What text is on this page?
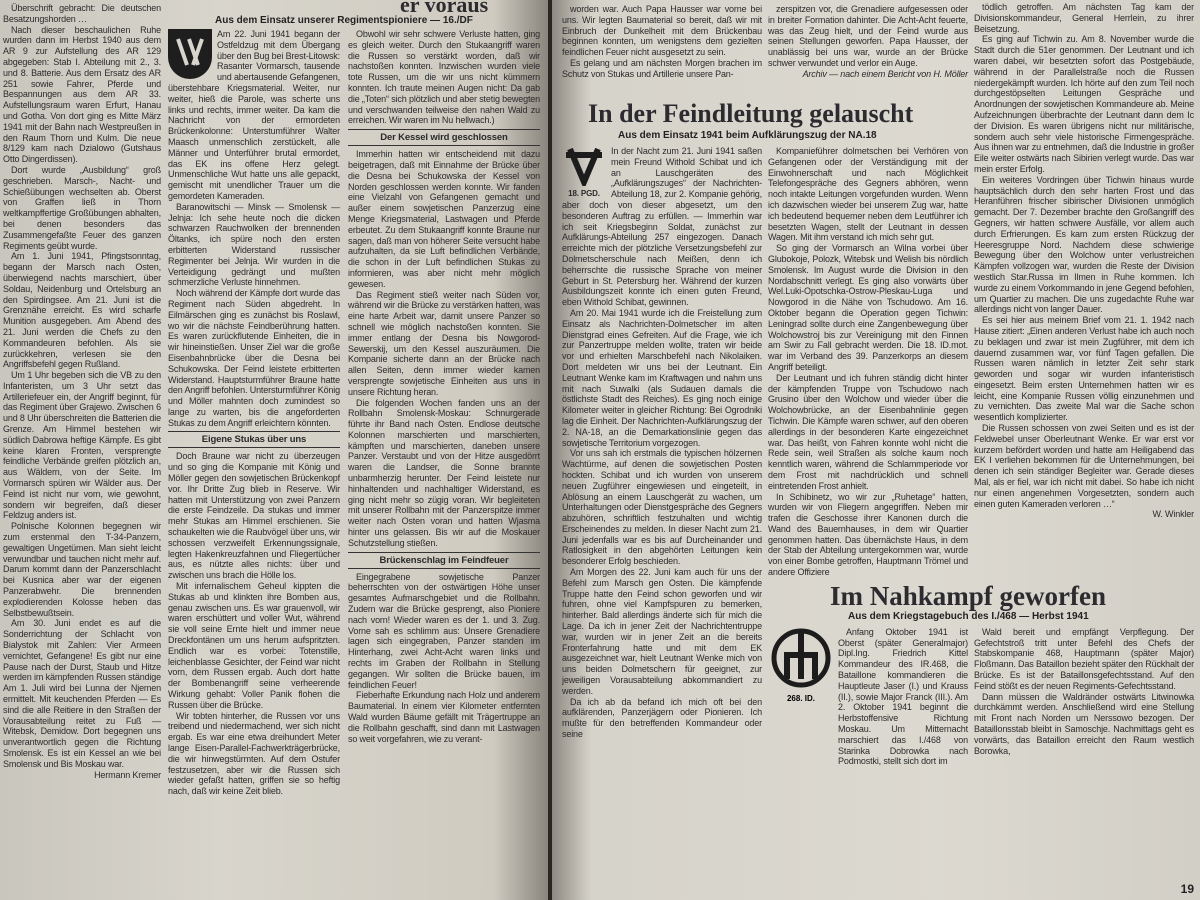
er voraus
Aus dem Einsatz unserer Regimentspioniere — 16./DF

Überschrift gebracht: Die deutschen Besatzungshorden …

Nach dieser beschaulichen Ruhe wurden dann im Herbst 1940 aus dem AR 9 zur Aufstellung des AR 129 abgegeben: Stab I. Abteilung mit 2., 3. und 8. Batterie. Aus dem Ersatz des AR 251 sowie Fahrer, Pferde und Bespannungen aus dem AR 33. Aufstellungsraum waren Erfurt, Hanau und Gotha. Von dort ging es Mitte März 1941 mit der Bahn nach Westpreußen in den Raum Thorn und Kulm. Die neue 8/129 kam nach Dzialowo (Gutshaus Otto Dingerdissen).

Dort wurde „Ausbildung“ groß geschrieben. Marsch-, Nacht- und Schießübungen wechselten ab. Oberst von Graffen ließ in Thorn weltkampffertige Großübungen abhalten, bei denen besonders das Zusammengefaßte Feuer des ganzen Regiments geübt wurde.

Am 1. Juni 1941, Pfingstsonntag, begann der Marsch nach Osten, überwiegend nachts marschiert, über Soldau, Neidenburg und Ortelsburg an den Spirdingsee. Am 21. Juni ist die Grenznähe erreicht. Es wird scharfe Munition ausgegeben. Am Abend des 21. Juni werden die Chefs zu den Kommandeuren befohlen. Als sie zurückkehren, verlesen sie den Angriffsbefehl gegen Rußland.

Um 1 Uhr begeben sich die VB zu den Infanteristen, um 3 Uhr setzt das Artilleriefeuer ein, der Angriff beginnt, für das Regiment über Grajewo. Zwischen 6 und 8 Uhr überschreiten die Batterien die Grenze. Am Himmel bestehen wir südlich Dabrowa heftige Kämpfe. Es gibt keine klaren Fronten, versprengte feindliche Verbände greifen plötzlich an, aus Wäldern, von der Seite. Im Vormarsch spüren wir Wälder aus. Der Feind ist nicht nur vorn, wie gewohnt, sondern wir begreifen, daß dieser Feldzug anders ist.

Polnische Kolonnen begegnen wir zum erstenmal den T-34-Panzern, gewaltigen Ungetümen. Man sieht leicht verwundbar und tauchen nicht mehr auf. Darum kommt dann der Panzerschlacht bei Kusnica aber war der eigenen Panzerabwehr. Die brennenden explodierenden Kolosse heben das Selbstbewußtsein.

Am 30. Juni endet es auf die Sonderrichtung der Schlacht von Bialystok mit Zahlen: Vier Armeen vernichtet, Gefangene! Es gibt nur eine Pause nach der Durst, Staub und Hitze werden im kämpfenden Russen ständige Am 1. Juli wird bei Lunna der Njemen ermittelt. Mit keuchenden Pferden — Es sind die alle Reitiere in den Straßen der Vorausabteilung reitet zu Fuß — Witebsk, Demidow. Dort begegnen uns unverantwortlich gegen die Richtung Smolensk. Es ist ein Kessel an wie bei Smolensk und Bis Moskau war.

Hermann Kremer

Am 22. Juni 1941 begann der Ostfeldzug mit dem Übergang über den Bug bei Brest-Litowsk: Rasanter Vormarsch, tausende und abertausende Gefangenen, überstehbare Kriegsmaterial. Weiter, nur weiter, hieß die Parole, was scherte uns links und rechts, immer weiter. Da kam die Nachricht von der ermordeten Brückenkolonne: Unterstumführer Walter Maasch unmenschlich zerstückelt, alle Männer und Unterführer brutal ermordet, das EK ins offene Herz gelegt. Unmenschliche Wut hatte uns alle gepackt, gemischt mit unendlicher Trauer um die gemordeten Kameraden.

Baranowitschi — Minsk — Smolensk — Jelnja: Ich sehe heute noch die dicken schwarzen Rauchwolken der brennenden Öltanks, ich spüre noch den ersten erbitterten Widerstand russischer Regimenter bei Jelnja. Wir wurden in die Verteidigung gedrängt und mußten schmerzliche Verluste hinnehmen.

Noch während der Kämpfe dort wurde das Regiment nach Süden abgedreht. In Eilmärschen ging es zunächst bis Roslawl, wo wir die nächste Feindberührung hatten. Es waren zurückflutende Einheiten, die in wir hineinstießen. Unser Ziel war die große Eisenbahnbrücke über die Desna bei Schukowska. Der Feind leistete erbitterten Widerstand. Hauptsturmführer Braune hatte den Angriff befohlen. Untersturmführer König und Möller mahnten doch zumindest so lange zu warten, bis die angeforderten Stukas zu dem Angriff erleichtern könnten.

Eigene Stukas über uns

Doch Braune war nicht zu überzeugen und so ging die Kompanie mit König und Möller gegen den sowjetischen Brückenkopf vor. Ihr Dritte Zug blieb in Reserve. Wir hatten mit Unterstützung von zwei Panzern die erste Feindzeile. Da stukas und immer mehr Stukas am Himmel erschienen. Sie schaukelten wie die Raubvögel über uns, wir schossen verzweifelt Erkennungssignale, legten Hakenkreuzfahnen und Fliegertücher aus, es nützte alles nichts: über und zwischen uns brach die Hölle los.

Mit infernalischem Geheul kippten die Stukas ab und klinkten ihre Bomben aus, genau zwischen uns. Es war grauenvoll, wir waren erschüttert und voller Wut, während sie voll seine Ernte hielt und immer neue Dreckfontänen um uns herum aufspritzten. Endlich war es vorbei: Totenstille, leichenblasse Gesichter, der Feind war nicht vorn, dem Russen ergab. Auch dort hatte der Bombenangriff seine verheerende Wirkung gehabt: Voller Panik flohen die Russen über die Brücke.

Wir tobten hinterher, die Russen vor uns treibend und niedermachend, wer sich nicht ergab. Es war eine etwa dreihundert Meter lange Eisen-Parallel-Fachwerkträgerbrücke, die wir hinwegstürmten. Auf dem Ostufer festzusetzen, aber wir die Russen sich wieder gefaßt hatten, griffen sie so heftig nach, daß wir keine Zeit blieb.

Obwohl wir sehr schwere Verluste hatten, ging es gleich weiter. Durch den Stukaangriff waren die Russen so verstärkt worden, daß wir nachstoßen konnten. Inzwischen wurden viele tote Russen, um die wir uns nicht kümmern konnten. Ich traute meinen Augen nicht: Da gab die „Toten“ sich plötzlich und aber stetig bewegten und verschwanden teilweise den nahen Wald zu erreichen. Wir waren im Nu hellwach.)

Der Kessel wird geschlossen

Immerhin hatten wir entscheidend mit dazu beigetragen, daß mit Einnahme der Brücke über die Desna bei Schukowska der Kessel von Norden geschlossen werden konnte. Wir fanden eine Vielzahl von Gefangenen gemacht und außer einem sowjetischen Panzerzug eine Menge Kriegsmaterial, Lastwagen und Pferde erbeutet. Zu dem Stukaangriff konnte Braune nur sagen, daß man von höherer Seite versucht habe aufzuhalten, da sie Luft befindlichen Verbände, die schon in der Luft befindlichen Stukas zu informieren, was aber nicht mehr möglich gewesen.

Das Regiment stieß weiter nach Süden vor, während wir die Brücke zu verstärken hatten, was eine harte Arbeit war, damit unsere Panzer so schnell wie möglich nachstoßen konnten. Sie immer entlang der Desna bis Nowgorod-Sewerskij, um den Kessel auszuräumen. Die Kompanie sicherte dann an der Brücke nach allen Seiten, denn immer wieder kamen versprengte sowjetische Einheiten aus uns in unsere Richtung heran.

Die folgenden Wochen fanden uns an der Rollbahn Smolensk-Moskau: Schnurgerade führte ihr Band nach Osten. Endlose deutsche Kolonnen marschierten und marschierten, kämpften und marschierten, daneben unsere Panzer. Verstaubt und von der Hitze ausgedörrt waren die Landser, die Sonne brannte unbarmherzig herunter. Der Feind leistete nur hinhaltenden und nachhaltiger Widerstand, es ging nicht mehr so zügig voran. Wir begleiteten mit unserer Rollbahn mit der Panzerspitze immer weiter nach Osten voran und hatten Wjasma hinter uns gelassen. Bis wir auf die Moskauer Schutzstellung stießen.

Brückenschlag im Feindfeuer

Eingegrabene sowjetische Panzer beherrschten von der ostwärtigen Höhe unser gesamtes Aufmarschgebiet und die Rollbahn. Zudem war die Brücke gesprengt, also Pioniere nach vorn! Wieder waren es der 1. und 3. Zug. Vorne sah es schlimm aus: Unsere Grenadiere lagen sich eingegraben, Panzer standen im Hinterhang, zwei Acht-Acht waren links und rechts im Graben der Rollbahn in Stellung gegangen. Wir sollten die Brücke bauen, im feindlichen Feuer!

Fieberhafte Erkundung nach Holz und anderem Baumaterial. In einem vier Kilometer entfernten Wald wurden Bäume gefällt mit Trägertruppe an die Rollbahn geschafft, sind dann mit Lastwagen so weit vorgefahren, wie zu verant-

worden war. Auch Papa Hausser war vorne bei uns. Wir legten Baumaterial so bereit, daß wir mit Einbruch der Dunkelheit mit dem Brückenbau beginnen konnten, um wenigstens dem gezielten feindlichen Feuer nicht ausgesetzt zu sein.

Es gelang und am nächsten Morgen brachen im Schutz von Stukas und Artillerie unsere Pan-

zerspitzen vor, die Grenadiere aufgesessen oder in breiter Formation dahinter. Die Acht-Acht feuerte, was das Zeug hielt, und der Feind wurde aus seinen Stellungen geworfen. Papa Hausser, der unablässig bei uns war, wurde an der Brücke schwer verwundet und verlor ein Auge.

Archiv — nach einem Bericht von H. Möller

In der Feindleitung gelauscht
Aus dem Einsatz 1941 beim Aufklärungszug der NA.18
18. PGD.

In der Nacht zum 21. Juni 1941 saßen mein Freund Withold Schibat und ich an Lauschgeräten des „Aufklärungszuges“ der Nachrichten-Abteilung 18, zur 2. Kompanie gehörig, aber doch von dieser abgesetzt, um den besonderen Auftrag zu erfüllen. — Immerhin war ich seit Kriegsbeginn Soldat, zunächst zur Aufklärungs-Abteilung 257 eingezogen. Danach erreichte mich der plötzliche Versetzungsbefehl zur Dolmetscherschule nach Meißen, denn ich beherrschte die russische Sprache von meiner Geburt in St. Petersburg her. Während der kurzen Ausbildungszeit konnte ich einen guten Freund, eben Withold Schibat, gewinnen.

Am 20. Mai 1941 wurde ich die Freistellung zum Einsatz als Nachrichten-Dolmetscher im alten Dienstgrad eines Gefreiten. Auf die Frage, wie ich zur Panzertruppe melden wollte, traten wir beide vor und erhielten Marschbefehl nach Nikolaiken. Dort meldeten wir uns bei der Leutnant. Ein Leutnant Wenke kam im Kraftwagen und nahm uns mit nach Suwalki (als Sudauen damals die östlichste Stadt des Reiches). Es ging noch einige Kilometer weiter in gleicher Richtung: Bei Ogrodniki lag die Einheit. Der Nachrichten-Aufklärungszug der 2. NA-18, an die Demarkationslinie gegen das sowjetische Territorium vorgezogen.

Vor uns sah ich erstmals die typischen hölzernen Wachtürme, auf denen die sowjetischen Posten hockten. Schibat und ich wurden von unserem neuen Zugführer eingewiesen und eingeteilt, in Ablösung an einem Lauschgerät zu wachen, um Unterhaltungen oder Dienstgespräche des Gegners abzuhören, schriftlich festzuhalten und wichtig Erscheinendes zu melden. In dieser Nacht zum 21. Juni jedenfalls war es bis auf Durcheinander und Ratlosigkeit in den abgehörten Leitungen kein besonderer Erfolg beschieden.

Am Morgen des 22. Juni kam auch für uns der Befehl zum Marsch gen Osten. Die kämpfende Truppe hatte den Feind schon geworfen und wir fuhren, ohne viel Kampfspuren zu bemerken, hinterher. Bald allerdings änderte sich für mich die Lage. Da ich in jener Zeit der Nachrichtentruppe war, wurden wir in jener Zeit an die bereits Fronterfahrung hatte und mit dem EK ausgezeichnet war, hielt Leutnant Wenke mich von uns beiden Dolmetschern für geeignet, zur jeweiligen Vorausabteilung abkommandiert zu werden.

Da ich ab da befand ich mich oft bei den aufklärenden, Panzerjägern oder Pionieren. Ich mußte für den betreffenden Kommandeur oder seine

Kompanieführer dolmetschen bei Verhören von Gefangenen oder der Verständigung mit der Einwohnerschaft und nach Möglichkeit Telefongespräche des Gegners abhören, wenn noch intakte Leitungen vorgefunden wurden. Wenn ich dazwischen wieder bei unserem Zug war, hatte ich bedeutend bequemer neben dem Leutführer ich besetzten Wagen, stellt der Leutnant in dessen Wagen. Mit ihm verstand ich mich sehr gut.

So ging der Vormarsch an Wilna vorbei über Glubokoje, Polozk, Witebsk und Welish bis nördlich Smolensk. Im August wurde die Division in den Nordabschnitt verlegt. Es ging also vorwärts über Wel.Luki-Opotschka-Ostrow-Pleskau-Luga und Nowgorod in die Nähe von Tschudowo. Am 16. Oktober begann die Operation gegen Tichwin: Leningrad sollte durch eine Zangenbewegung über Wolchowstroj bis zur Vereinigung mit den Finnen am Swir zu Fall gebracht werden. Die 18. ID.mot. war im Verband des 39. Panzerkorps an diesem Angriff beteiligt.

Der Leutnant und ich fuhren ständig dicht hinter der kämpfenden Truppe von Tschudowo nach Grusino über den Wolchow und wieder über die Wolchowbrücke, an der Eisenbahnlinie gegen Tichwin. Die Kämpfe waren schwer, auf den oberen allerdings in der besonderen Karte eingezeichnet war. Das heißt, von Fahren konnte wohl nicht die Rede sein, weil Straßen als solche kaum noch kenntlich waren, während die Schlammperiode vor dem Frost mit nachdrücklich und schnell eintretenden Frost anhielt.

In Schibinetz, wo wir zur „Ruhetage“ hatten, wurden wir von Fliegern angegriffen. Neben mir trafen die Geschosse ihrer Kanonen durch die Wand des Bauernhauses, in dem wir Quartier genommen hatten. Das übernächste Haus, in dem der Stab der Abteilung untergekommen war, wurde von einer Bombe getroffen, Hauptmann Trömel und andere Offiziere

tödlich getroffen. Am nächsten Tag kam der Divisionskommandeur, General Herrlein, zu ihrer Beisetzung.

Es ging auf Tichwin zu. Am 8. November wurde die Stadt durch die 51er genommen. Der Leutnant und ich waren dabei, wir besetzten sofort das Postgebäude, während in der Parallelstraße noch die Russen niedergekämpft wurden. Ich hörte auf den zum Teil noch durchgestöpselten Leitungen Gespräche und Anordnungen der sowjetischen Kommandeure ab. Meine Aufzeichnungen überbrachte der Leutnant dann dem Ic der Division. Es waren übrigens nicht nur militärische, sondern auch sehr viele historische Firmengespräche. Aus ihnen war zu entnehmen, daß die Industrie in großer Eile weiter ostwärts nach Sibirien verlegt wurde. Das war mein erster Erfolg.

Ein weiteres Vordringen über Tichwin hinaus wurde hauptsächlich durch den sehr harten Frost und das Heranführen frischer sibirischer Divisionen unmöglich gemacht. Der 7. Dezember brachte den Großangriff des Gegners, wir hatten schwere Ausfälle, vor allem auch durch Erfrierungen. Es kam zum ersten Rückzug der Heeresgruppe Nord. Nachdem diese schwierige Bewegung über den Wolchow unter verlustreichen Kämpfen vollzogen war, wurden die Reste der Division westlich Star.Russa im Ilmen in Ruhe kommen. Ich wurde zu einem Vorkommando in jene Gegend befohlen, um Quartier zu machen. Die uns zugedachte Ruhe war allerdings nicht von langer Dauer.

Es sei hier aus meinem Brief vom 21. 1. 1942 nach Hause zitiert: „Einen anderen Verlust habe ich auch noch zu beklagen und zwar ist mein Zugführer, mit dem ich dauernd zusammen war, vor fünf Tagen gefallen. Die Russen waren nämlich in letzter Zeit sehr stark geworden und sogar wir wurden infanteristisch eingesetzt. Beim ersten Unternehmen hatten wir es leicht, eine Kompanie Russen völlig einzunehmen und zu vernichten. Das zweite Mal war die Sache schon wesentlich komplizierter.

Die Russen schossen von zwei Seiten und es ist der Feldwebel unser Oberleutnant Wenke. Er war erst vor kurzem befördert worden und hatte am Heiligabend das EK I verliehen bekommen für die Unternehmungen, bei denen ich sein ständiger Begleiter war. Gerade dieses Mal, als er fiel, war ich nicht mit dabei. So habe ich nicht nur einen angenehmen Vorgesetzten, sondern auch einen guten Kameraden verloren …“

W. Winkler

Im Nahkampf geworfen
Aus dem Kriegstagebuch des I./468 — Herbst 1941
268. ID.

Anfang Oktober 1941 ist Oberst (später Generalmajor) Dipl.Ing. Friedrich Kittel Kommandeur des IR.468, die Bataillone kommandieren die Hauptleute Jaser (I.) und Krauss (II.), sowie Major Franck (III.). Am 2. Oktober 1941 beginnt die Herbstoffensive Richtung Moskau. Um Mitternacht marschiert das I./468 von Starinka Dobrowka nach Podmostki, stellt sich dort im

Wald bereit und empfängt Verpflegung. Der Gefechtstroß tritt unter Befehl des Chefs der Stabskompanie 468, Hauptmann (später Major) Floßmann. Das Bataillon bezieht später den Rückhalt der Brücke. Es ist der Bataillonsgefechtsstand. Auf den Feind stößt es der neuen Regiments-Gefechtsstand.

Dann müssen die Waldränder ostwärts Litwinowka durchkämmt werden. Anschließend wird eine Stellung mit Front nach Norden um Nerssowo bezogen. Der Bataillonsstab bleibt in Samoschje. Nachmittags geht es vorwärts, das Bataillon erreicht den Raum westlich Borowka,

19
